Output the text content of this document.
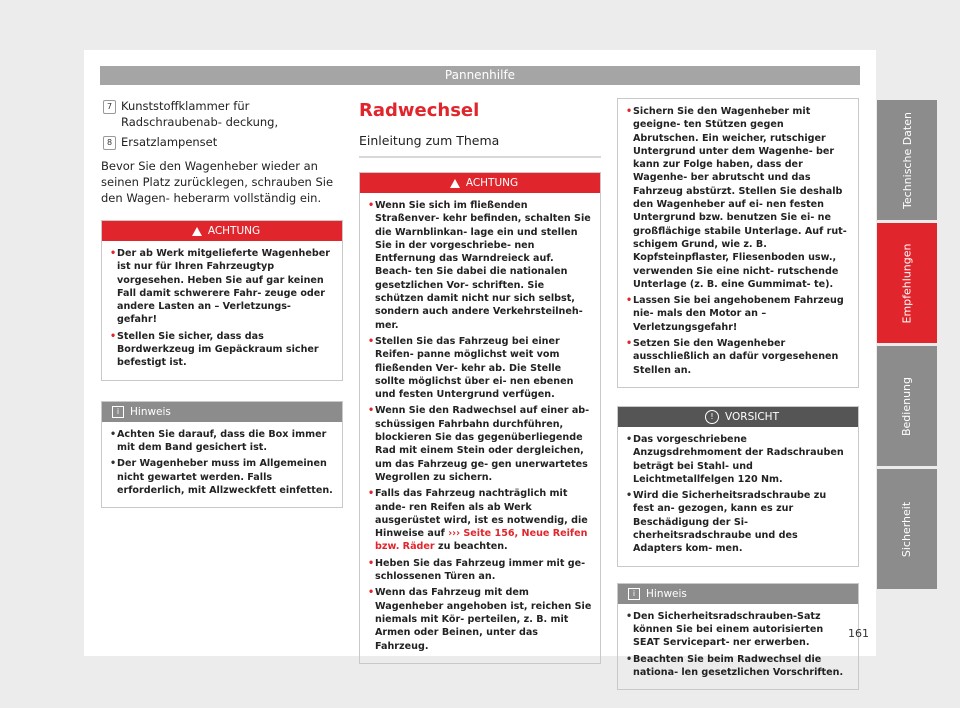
Pannenhilfe
7 Kunststoffklammer für Radschraubenab- deckung,
8 Ersatzlampenset
Bevor Sie den Wagenheber wieder an seinen Platz zurücklegen, schrauben Sie den Wagen- heberarm vollständig ein.
ACHTUNG
• Der ab Werk mitgelieferte Wagenheber ist nur für Ihren Fahrzeugtyp vorgesehen. Heben Sie auf gar keinen Fall damit schwerere Fahr- zeuge oder andere Lasten an – Verletzungs- gefahr!
• Stellen Sie sicher, dass das Bordwerkzeug im Gepäckraum sicher befestigt ist.
i	Hinweis
• Achten Sie darauf, dass die Box immer mit dem Band gesichert ist.
• Der Wagenheber muss im Allgemeinen nicht gewartet werden. Falls erforderlich, mit Allzweckfett einfetten.
Radwechsel
Einleitung zum Thema
ACHTUNG
• Wenn Sie sich im fließenden Straßenver- kehr befinden, schalten Sie die Warnblinkan- lage ein und stellen Sie in der vorgeschriebe- nen Entfernung das Warndreieck auf. Beach- ten Sie dabei die nationalen gesetzlichen Vor- schriften. Sie schützen damit nicht nur sich selbst, sondern auch andere Verkehrsteilneh- mer.
• Stellen Sie das Fahrzeug bei einer Reifen- panne möglichst weit vom fließenden Ver- kehr ab. Die Stelle sollte möglichst über ei- nen ebenen und festen Untergrund verfügen.
• Wenn Sie den Radwechsel auf einer ab- schüssigen Fahrbahn durchführen, blockieren Sie das gegenüberliegende Rad mit einem Stein oder dergleichen, um das Fahrzeug ge- gen unerwartetes Wegrollen zu sichern.
• Falls das Fahrzeug nachträglich mit ande- ren Reifen als ab Werk ausgerüstet wird, ist es notwendig, die Hinweise auf ››› Seite 156, Neue Reifen bzw. Räder zu beachten.
• Heben Sie das Fahrzeug immer mit ge- schlossenen Türen an.
• Wenn das Fahrzeug mit dem Wagenheber angehoben ist, reichen Sie niemals mit Kör- perteilen, z. B. mit Armen oder Beinen, unter das Fahrzeug.
• Sichern Sie den Wagenheber mit geeigne- ten Stützen gegen Abrutschen. Ein weicher, rutschiger Untergrund unter dem Wagenhe- ber kann zur Folge haben, dass der Wagenhe- ber abrutscht und das Fahrzeug abstürzt. Stellen Sie deshalb den Wagenheber auf ei- nen festen Untergrund bzw. benutzen Sie ei- ne großflächige stabile Unterlage. Auf rut- schigem Grund, wie z. B. Kopfsteinpflaster, Fliesenboden usw., verwenden Sie eine nicht- rutschende Unterlage (z. B. eine Gummimat- te).
• Lassen Sie bei angehobenem Fahrzeug nie- mals den Motor an – Verletzungsgefahr!
• Setzen Sie den Wagenheber ausschließlich an dafür vorgesehenen Stellen an.
!	VORSICHT
• Das vorgeschriebene Anzugsdrehmoment der Radschrauben beträgt bei Stahl- und Leichtmetallfelgen 120 Nm.
• Wird die Sicherheitsradschraube zu fest an- gezogen, kann es zur Beschädigung der Si- cherheitsradschraube und des Adapters kom- men.
i	Hinweis
• Den Sicherheitsradschrauben-Satz können Sie bei einem autorisierten SEAT Servicepart- ner erwerben.
• Beachten Sie beim Radwechsel die nationa- len gesetzlichen Vorschriften.
Technische Daten
Empfehlungen
Bedienung
Sicherheit
161
